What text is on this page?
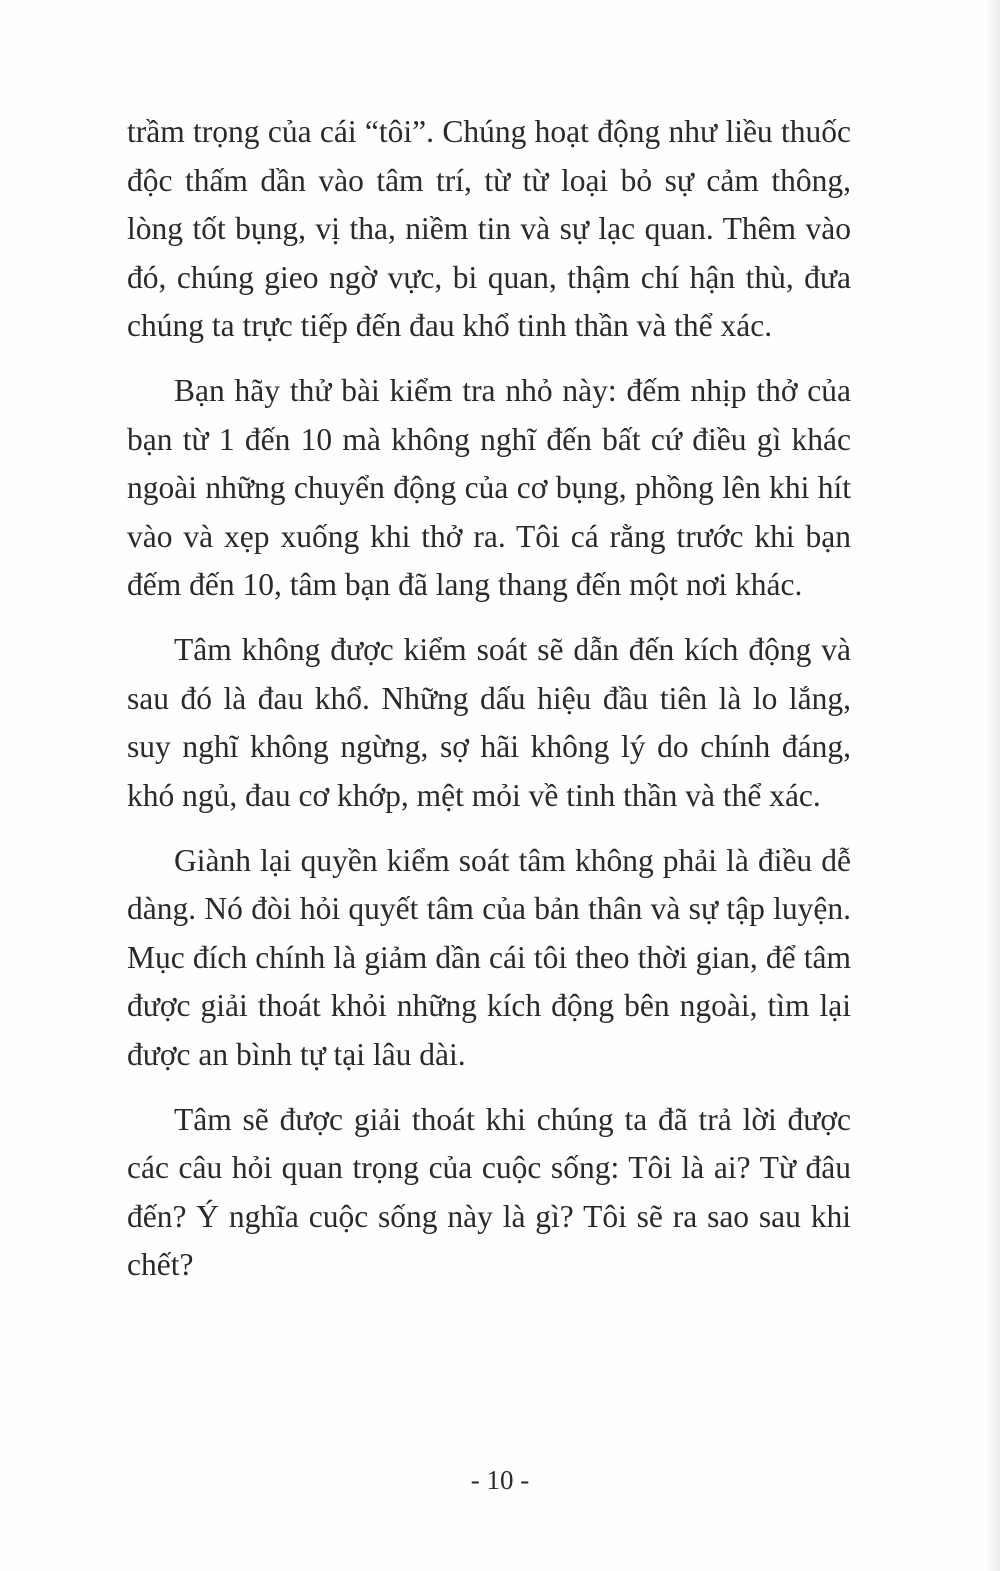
trầm trọng của cái “tôi”. Chúng hoạt động như liều thuốc độc thấm dần vào tâm trí, từ từ loại bỏ sự cảm thông, lòng tốt bụng, vị tha, niềm tin và sự lạc quan. Thêm vào đó, chúng gieo ngờ vực, bi quan, thậm chí hận thù, đưa chúng ta trực tiếp đến đau khổ tinh thần và thể xác.

Bạn hãy thử bài kiểm tra nhỏ này: đếm nhịp thở của bạn từ 1 đến 10 mà không nghĩ đến bất cứ điều gì khác ngoài những chuyển động của cơ bụng, phồng lên khi hít vào và xẹp xuống khi thở ra. Tôi cá rằng trước khi bạn đếm đến 10, tâm bạn đã lang thang đến một nơi khác.

Tâm không được kiểm soát sẽ dẫn đến kích động và sau đó là đau khổ. Những dấu hiệu đầu tiên là lo lắng, suy nghĩ không ngừng, sợ hãi không lý do chính đáng, khó ngủ, đau cơ khớp, mệt mỏi về tinh thần và thể xác.

Giành lại quyền kiểm soát tâm không phải là điều dễ dàng. Nó đòi hỏi quyết tâm của bản thân và sự tập luyện. Mục đích chính là giảm dần cái tôi theo thời gian, để tâm được giải thoát khỏi những kích động bên ngoài, tìm lại được an bình tự tại lâu dài.

Tâm sẽ được giải thoát khi chúng ta đã trả lời được các câu hỏi quan trọng của cuộc sống: Tôi là ai? Từ đâu đến? Ý nghĩa cuộc sống này là gì? Tôi sẽ ra sao sau khi chết?

- 10 -
